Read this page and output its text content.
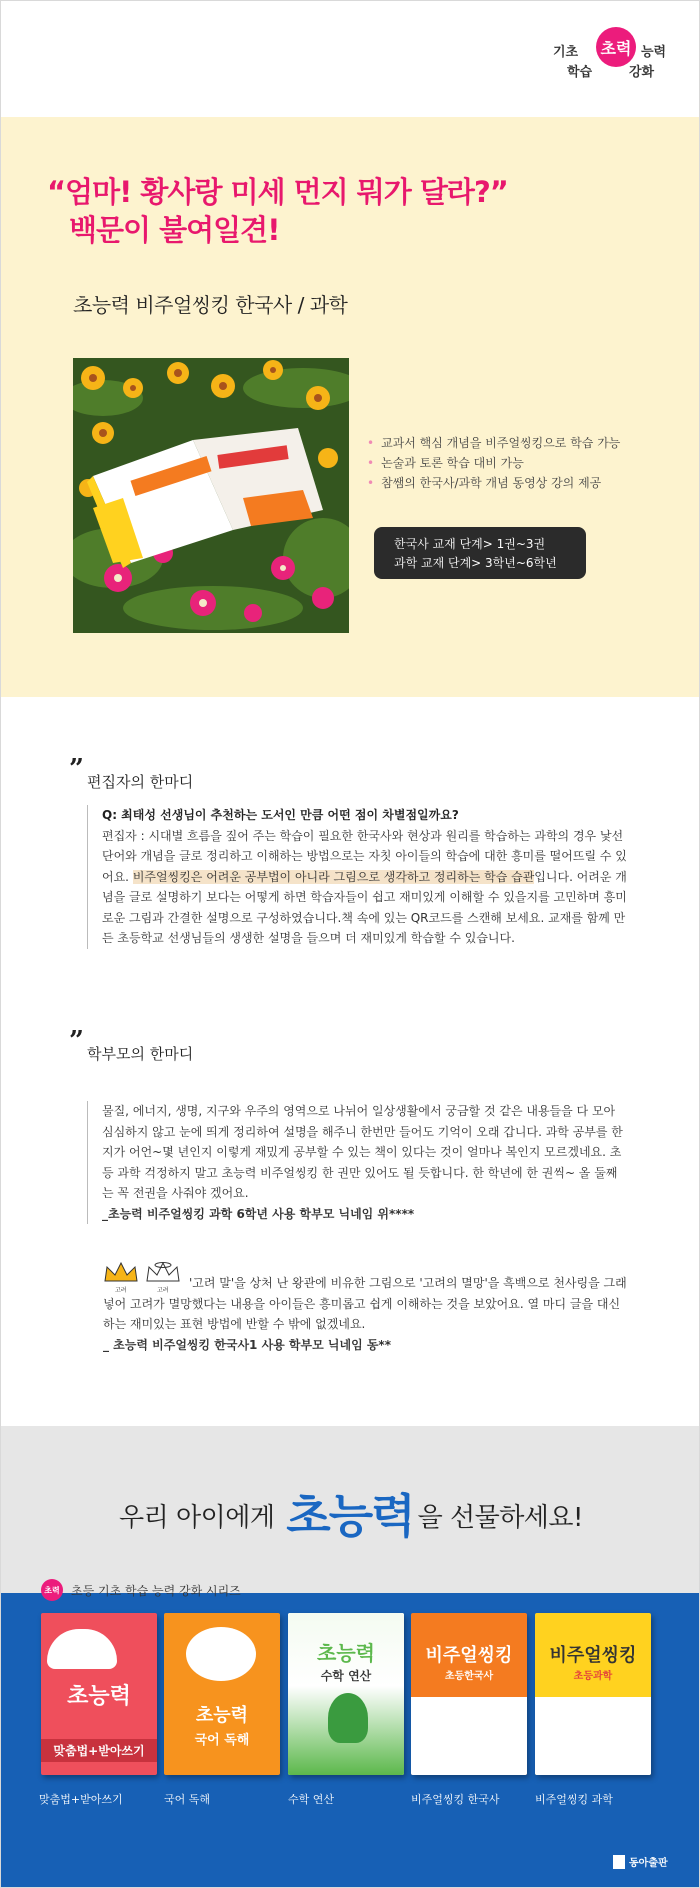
기초
학습
초력 능력
강화
“엄마! 황사랑 미세 먼지 뭐가 달라?”
백문이 불여일견!
초능력 비주얼씽킹 한국사 / 과학
• 교과서 핵심 개념을 비주얼씽킹으로 학습 가능
• 논술과 토론 학습 대비 가능
• 참쌤의 한국사/과학 개념 동영상 강의 제공
한국사 교재 단계> 1권~3권
과학 교재 단계> 3학년~6학년
” 편집자의 한마디
Q: 최태성 선생님이 추천하는 도서인 만큼 어떤 점이 차별점일까요?
편집자 : 시대별 흐름을 짚어 주는 학습이 필요한 한국사와 현상과 원리를 학습하는 과학의 경우 낯선 단어와 개념을 글로 정리하고 이해하는 방법으로는 자칫 아이들의 학습에 대한 흥미를 떨어뜨릴 수 있어요. 비주얼씽킹은 어려운 공부법이 아니라 그림으로 생각하고 정리하는 학습 습관입니다. 어려운 개념을 글로 설명하기 보다는 어떻게 하면 학습자들이 쉽고 재미있게 이해할 수 있을지를 고민하며 흥미로운 그림과 간결한 설명으로 구성하였습니다.책 속에 있는 QR코드를 스캔해 보세요. 교재를 함께 만든 초등학교 선생님들의 생생한 설명을 들으며 더 재미있게 학습할 수 있습니다.
” 학부모의 한마디
물질, 에너지, 생명, 지구와 우주의 영역으로 나뉘어 일상생활에서 궁금할 것 같은 내용들을 다 모아 심심하지 않고 눈에 띄게 정리하여 설명을 해주니 한번만 들어도 기억이 오래 갑니다. 과학 공부를 한지가 어언~몇 년인지 이렇게 재밌게 공부할 수 있는 책이 있다는 것이 얼마나 복인지 모르겠네요. 초등 과학 걱정하지 말고 초능력 비주얼씽킹 한 권만 있어도 될 듯합니다. 한 학년에 한 권씩~ 올 둘째는 꼭 전권을 사줘야 겠어요.
_초능력 비주얼씽킹 과학 6학년 사용 학부모 닉네임 위****
고려	고려
'고려 말'을 상처 난 왕관에 비유한 그림으로 '고려의 멸망'을 흑백으로 천사링을 그래 넣어 고려가 멸망했다는 내용을 아이들은 흥미롭고 쉽게 이해하는 것을 보았어요. 열 마디 글을 대신하는 재미있는 표현 방법에 반할 수 밖에 없겠네요.
_ 초능력 비주얼씽킹 한국사1 사용 학부모 닉네임 동**
우리 아이에게 초능력 을 선물하세요!
초력 초등 기초 학습 능력 강화 시리즈
초능력
맞춤법+받아쓰기
초능력
국어 독해
초능력
수학 연산
비주얼씽킹
초등한국사
비주얼씽킹
초등과학
맞춤법+받아쓰기	국어 독해	수학 연산	비주얼씽킹 한국사	비주얼씽킹 과학
동아출판
